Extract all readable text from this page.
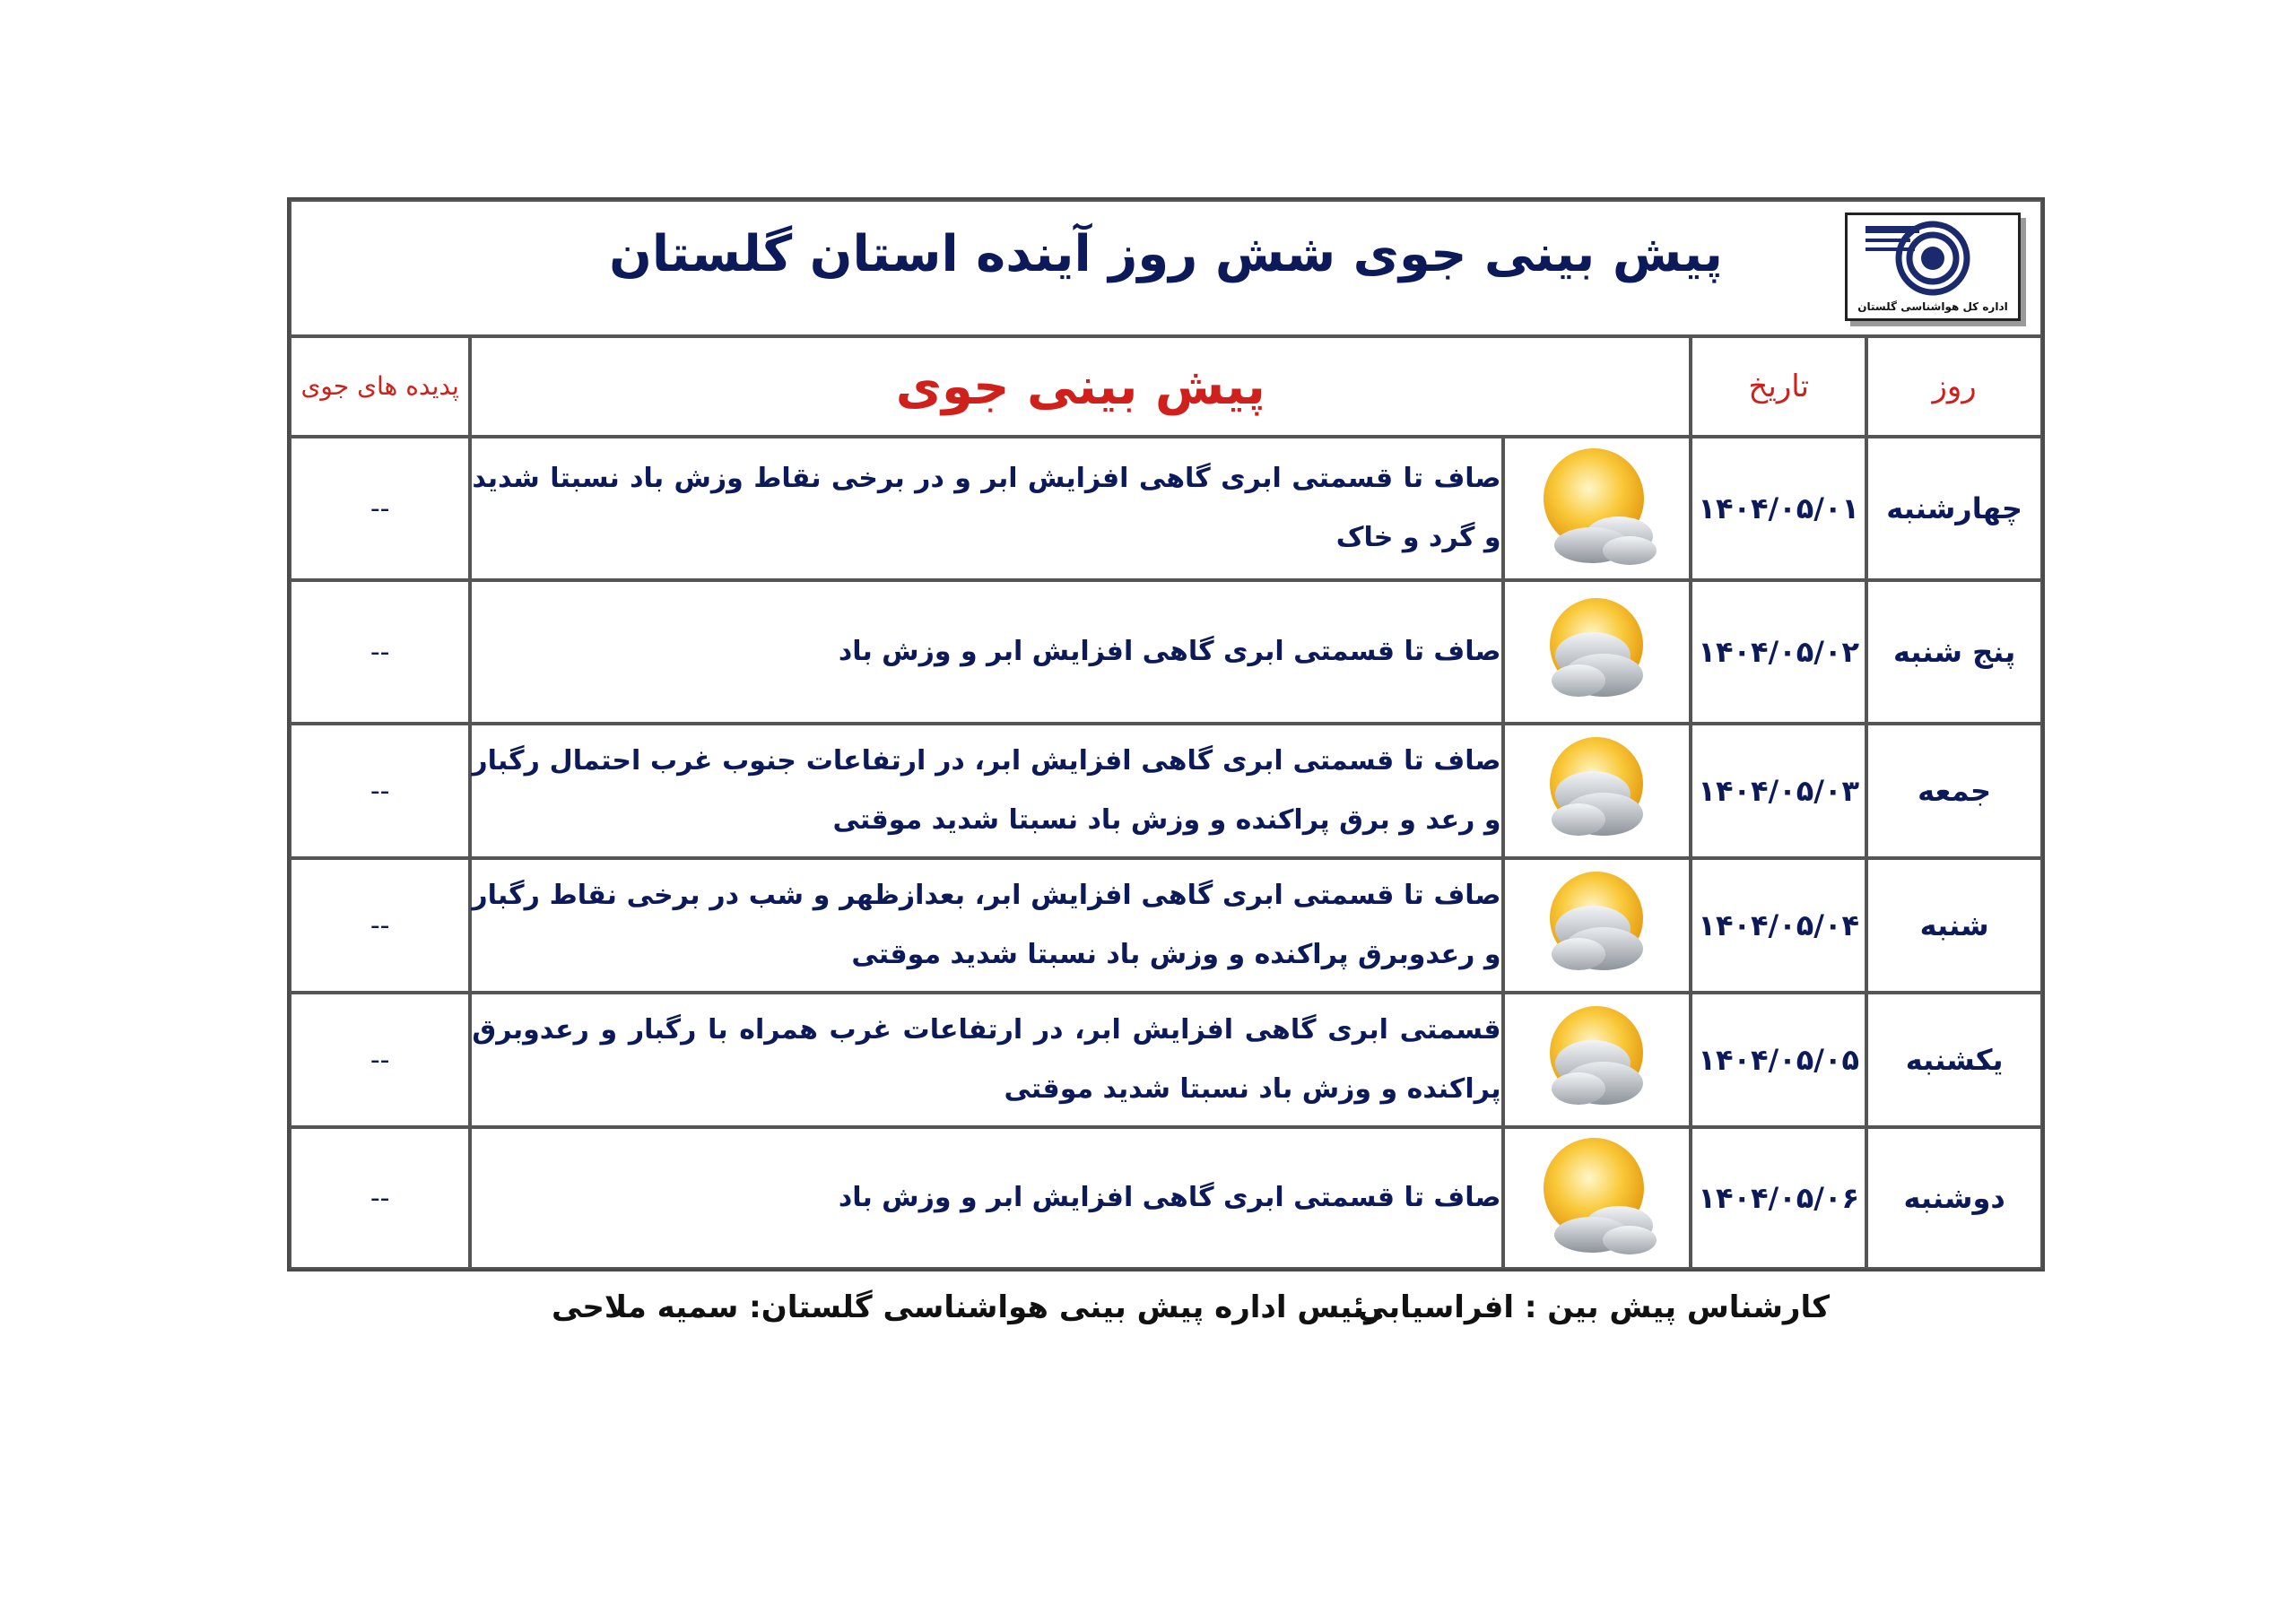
اداره کل هواشناسی گلستان
پیش بینی جوی شش روز آینده استان گلستان				

روز	تاریخ	پیش بینی جوی		پدیده های جوی
چهارشنبه	۱۴۰۴/۰۵/۰۱		صاف تا قسمتی ابری گاهی افزایش ابر و در برخی نقاط وزش باد نسبتا شدید و گرد و خاک	--
پنج شنبه	۱۴۰۴/۰۵/۰۲		صاف تا قسمتی ابری گاهی افزایش ابر و وزش باد	--
جمعه	۱۴۰۴/۰۵/۰۳		صاف تا قسمتی ابری گاهی افزایش ابر، در ارتفاعات جنوب غرب احتمال رگبار و رعد و برق پراکنده و وزش باد نسبتا شدید موقتی	--
شنبه	۱۴۰۴/۰۵/۰۴		صاف تا قسمتی ابری گاهی افزایش ابر، بعدازظهر و شب در برخی نقاط رگبار و رعدوبرق پراکنده و وزش باد نسبتا شدید موقتی	--
یکشنبه	۱۴۰۴/۰۵/۰۵		قسمتی ابری گاهی افزایش ابر، در ارتفاعات غرب همراه با رگبار و رعدوبرق پراکنده و وزش باد نسبتا شدید موقتی	--
دوشنبه	۱۴۰۴/۰۵/۰۶		صاف تا قسمتی ابری گاهی افزایش ابر و وزش باد	--
کارشناس پیش بین : افراسیابی
رئیس اداره پیش بینی هواشناسی گلستان: سمیه ملاحی
